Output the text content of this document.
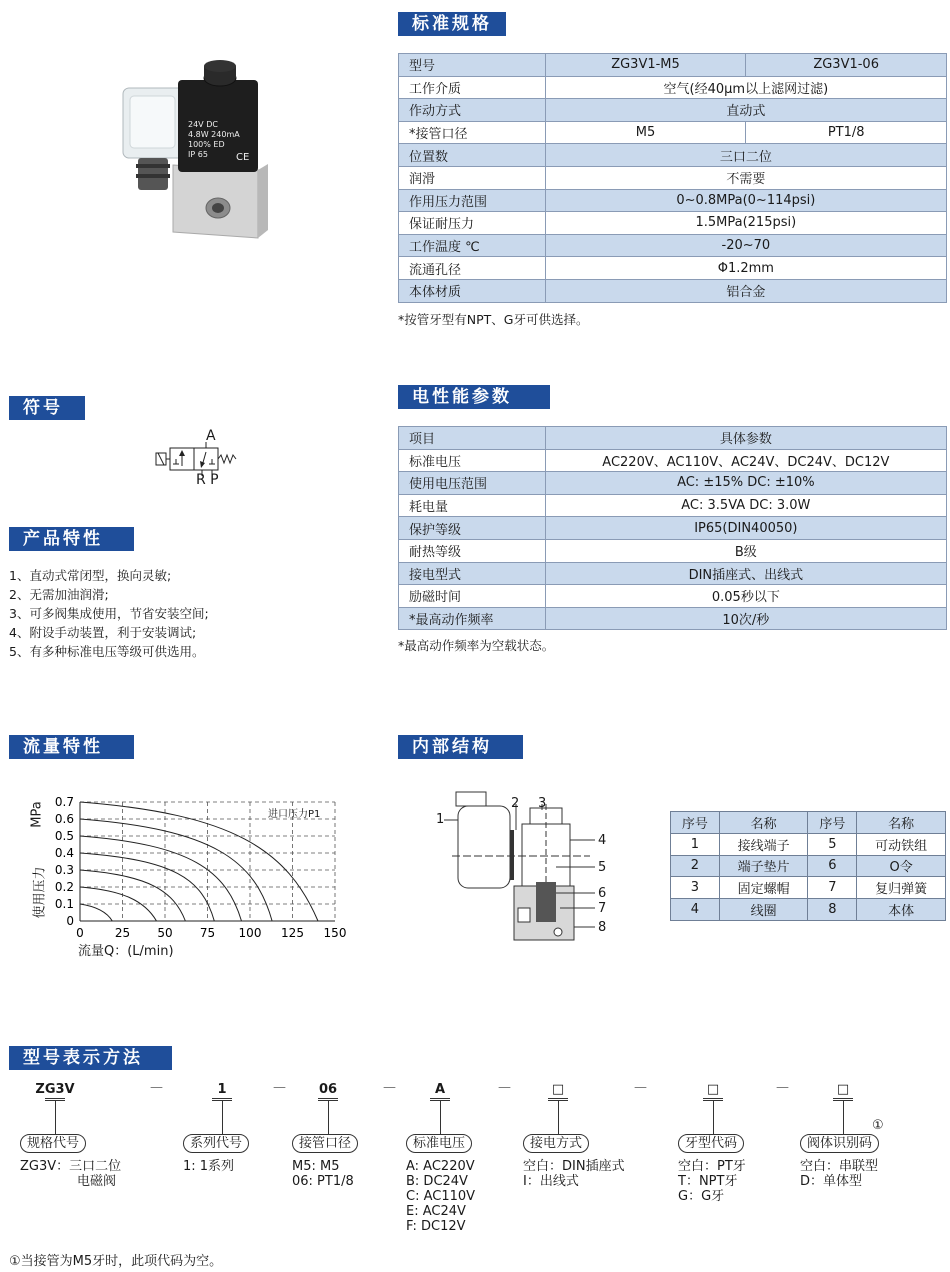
24V DC
4.8W 240mA
100% ED
IP 65	CE
标准规格
型号	ZG3V1-M5	ZG3V1-06
工作介质	空气(经40μm以上滤网过滤)	
作动方式	直动式	
*接管口径	M5	PT1/8
位置数	三口二位	
润滑	不需要	
作用压力范围	0~0.8MPa(0~114psi)	
保证耐压力	1.5MPa(215psi)	
工作温度 ℃	-20~70	
流通孔径	Φ1.2mm	
本体材质	铝合金	
*按管牙型有NPT、G牙可供选择。
符号
A
R P
产品特性
1、直动式常闭型，换向灵敏;
2、无需加油润滑;
3、可多阀集成使用，节省安装空间;
4、附设手动装置，利于安装调试;
5、有多种标准电压等级可供选用。
电性能参数
项目	具体参数
标准电压	AC220V、AC110V、AC24V、DC24V、DC12V
使用电压范围	AC: ±15% DC: ±10%
耗电量	AC: 3.5VA DC: 3.0W
保护等级	IP65(DIN40050)
耐热等级	B级
接电型式	DIN插座式、出线式
励磁时间	0.05秒以下
*最高动作频率	10次/秒
*最高动作频率为空载状态。
流量特性
0.7
0.6
0.5
0.4
0.3
0.2
0.1
0
0	25 50 75 100 125 150
MPa
使用压力
流量Q：(L/min)
进口压力P1
内部结构
1
2 3
4
5
6
7
8
序号	名称	序号	名称
1	接线端子	5	可动铁组
2	端子垫片	6	O令
3	固定螺帽	7	复归弹簧
4	线圈	8	本体
型号表示方法
ZG3V	1	06	A	□	□	□
—	—	—	—	—	—
规格代号
ZG3V：三口二位
电磁阀
系列代号
1: 1系列
接管口径
M5: M5
06: PT1/8
标准电压
A: AC220V
B: DC24V
C: AC110V
E: AC24V
F: DC12V
接电方式
空白：DIN插座式
I：出线式
牙型代码
空白：PT牙
T：NPT牙
G：G牙
阀体识别码
空白：串联型
D：单体型
①
①当接管为M5牙时，此项代码为空。
